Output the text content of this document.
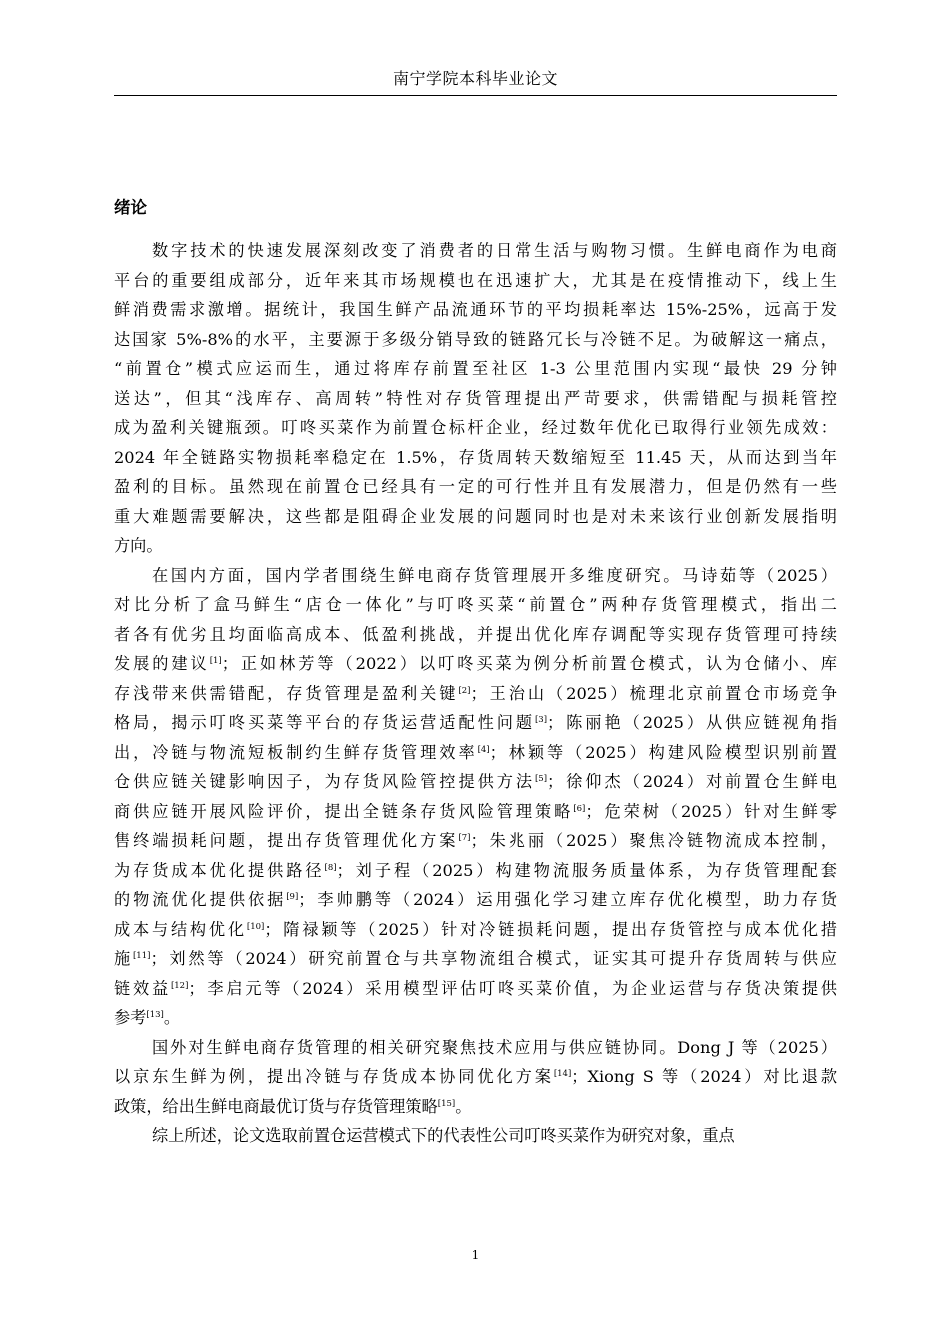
南宁学院本科毕业论文
绪论
数字技术的快速发展深刻改变了消费者的日常生活与购物习惯。生鲜电商作为电商
平台的重要组成部分，近年来其市场规模也在迅速扩大，尤其是在疫情推动下，线上生
鲜消费需求激增。据统计，我国生鲜产品流通环节的平均损耗率达 15%-25%，远高于发
达国家 5%-8%的水平，主要源于多级分销导致的链路冗长与冷链不足。为破解这一痛点，
“前置仓”模式应运而生，通过将库存前置至社区 1-3 公里范围内实现“最快 29 分钟
送达”，但其“浅库存、高周转”特性对存货管理提出严苛要求，供需错配与损耗管控
成为盈利关键瓶颈。叮咚买菜作为前置仓标杆企业，经过数年优化已取得行业领先成效：
2024 年全链路实物损耗率稳定在 1.5%，存货周转天数缩短至 11.45 天，从而达到当年
盈利的目标。虽然现在前置仓已经具有一定的可行性并且有发展潜力，但是仍然有一些
重大难题需要解决，这些都是阻碍企业发展的问题同时也是对未来该行业创新发展指明
方向。
在国内方面，国内学者围绕生鲜电商存货管理展开多维度研究。马诗茹等（2025）
对比分析了盒马鲜生“店仓一体化”与叮咚买菜“前置仓”两种存货管理模式，指出二
者各有优劣且均面临高成本、低盈利挑战，并提出优化库存调配等实现存货管理可持续
发展的建议[1]；正如林芳等（2022）以叮咚买菜为例分析前置仓模式，认为仓储小、库
存浅带来供需错配，存货管理是盈利关键[2]；王治山（2025）梳理北京前置仓市场竞争
格局，揭示叮咚买菜等平台的存货运营适配性问题[3]；陈丽艳（2025）从供应链视角指
出，冷链与物流短板制约生鲜存货管理效率[4]；林颖等（2025）构建风险模型识别前置
仓供应链关键影响因子，为存货风险管控提供方法[5]；徐仰杰（2024）对前置仓生鲜电
商供应链开展风险评价，提出全链条存货风险管理策略[6]；危荣树（2025）针对生鲜零
售终端损耗问题，提出存货管理优化方案[7]；朱兆丽（2025）聚焦冷链物流成本控制，
为存货成本优化提供路径[8]；刘子程（2025）构建物流服务质量体系，为存货管理配套
的物流优化提供依据[9]；李帅鹏等（2024）运用强化学习建立库存优化模型，助力存货
成本与结构优化[10]；隋禄颖等（2025）针对冷链损耗问题，提出存货管控与成本优化措
施[11]；刘然等（2024）研究前置仓与共享物流组合模式，证实其可提升存货周转与供应
链效益[12]；李启元等（2024）采用模型评估叮咚买菜价值，为企业运营与存货决策提供
参考[13]。
国外对生鲜电商存货管理的相关研究聚焦技术应用与供应链协同。Dong J 等（2025）
以京东生鲜为例，提出冷链与存货成本协同优化方案[14]；Xiong S 等（2024）对比退款
政策，给出生鲜电商最优订货与存货管理策略[15]。
综上所述，论文选取前置仓运营模式下的代表性公司叮咚买菜作为研究对象，重点
1
